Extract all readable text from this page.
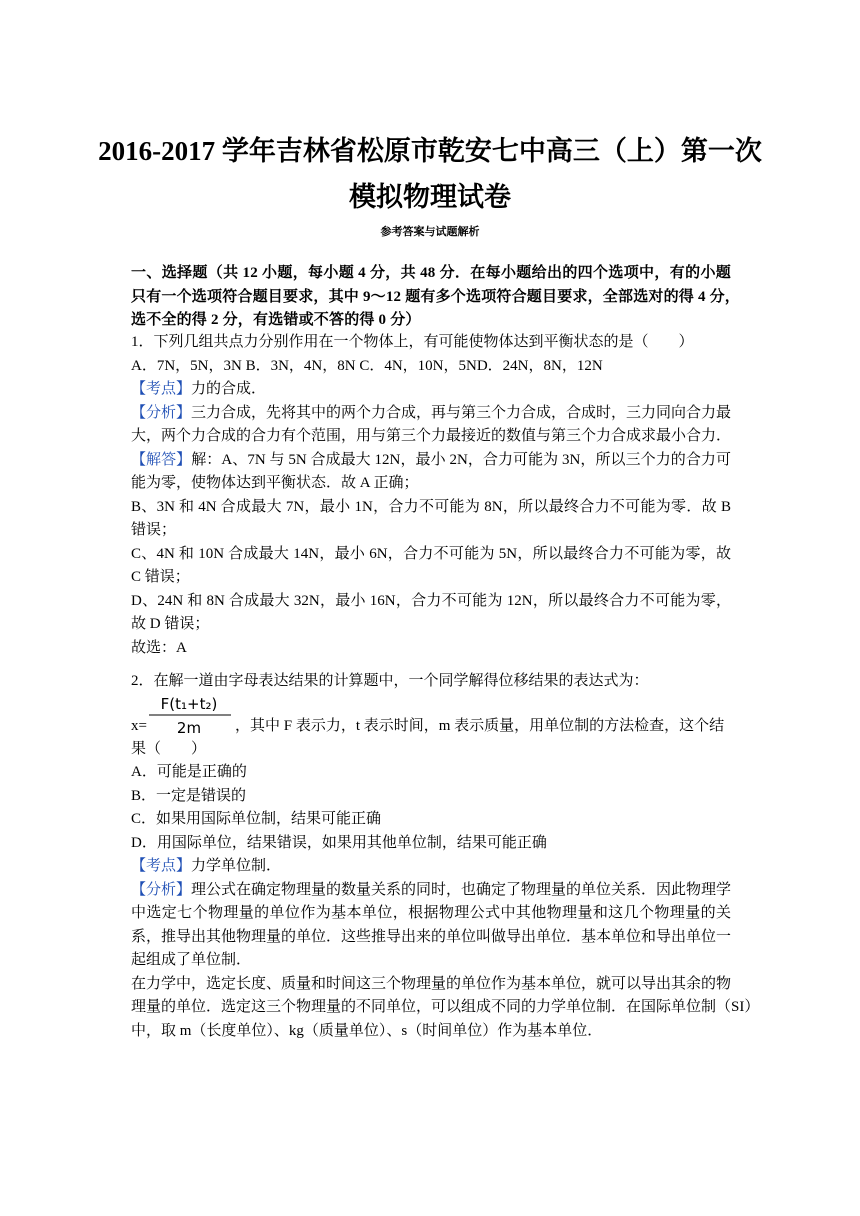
2016-2017 学年吉林省松原市乾安七中高三（上）第一次
模拟物理试卷
参考答案与试题解析
一、选择题（共 12 小题，每小题 4 分，共 48 分．在每小题给出的四个选项中，有的小题
只有一个选项符合题目要求，其中 9～12 题有多个选项符合题目要求，全部选对的得 4 分，
选不全的得 2 分，有选错或不答的得 0 分）
1．下列几组共点力分别作用在一个物体上，有可能使物体达到平衡状态的是（　　）
A．7N，5N，3N B．3N，4N，8N C．4N，10N，5ND．24N，8N，12N
【考点】力的合成．
【分析】三力合成，先将其中的两个力合成，再与第三个力合成，合成时，三力同向合力最
大，两个力合成的合力有个范围，用与第三个力最接近的数值与第三个力合成求最小合力．
【解答】解：A、7N 与 5N 合成最大 12N，最小 2N，合力可能为 3N，所以三个力的合力可
能为零，使物体达到平衡状态．故 A 正确；
B、3N 和 4N 合成最大 7N，最小 1N，合力不可能为 8N，所以最终合力不可能为零．故 B
错误；
C、4N 和 10N 合成最大 14N，最小 6N，合力不可能为 5N，所以最终合力不可能为零，故
C 错误；
D、24N 和 8N 合成最大 32N，最小 16N，合力不可能为 12N，所以最终合力不可能为零，
故 D 错误；
故选：A
2．在解一道由字母表达结果的计算题中，一个同学解得位移结果的表达式为：
x=
F(t₁+t₂)
2m ，其中 F 表示力，t 表示时间，m 表示质量，用单位制的方法检查，这个结
果（　　）
A．可能是正确的
B．一定是错误的
C．如果用国际单位制，结果可能正确
D．用国际单位，结果错误，如果用其他单位制，结果可能正确
【考点】力学单位制．
【分析】理公式在确定物理量的数量关系的同时，也确定了物理量的单位关系．因此物理学
中选定七个物理量的单位作为基本单位，根据物理公式中其他物理量和这几个物理量的关
系，推导出其他物理量的单位．这些推导出来的单位叫做导出单位．基本单位和导出单位一
起组成了单位制．
在力学中，选定长度、质量和时间这三个物理量的单位作为基本单位，就可以导出其余的物
理量的单位．选定这三个物理量的不同单位，可以组成不同的力学单位制．在国际单位制（SI）
中，取 m（长度单位）、kg（质量单位）、s（时间单位）作为基本单位．
